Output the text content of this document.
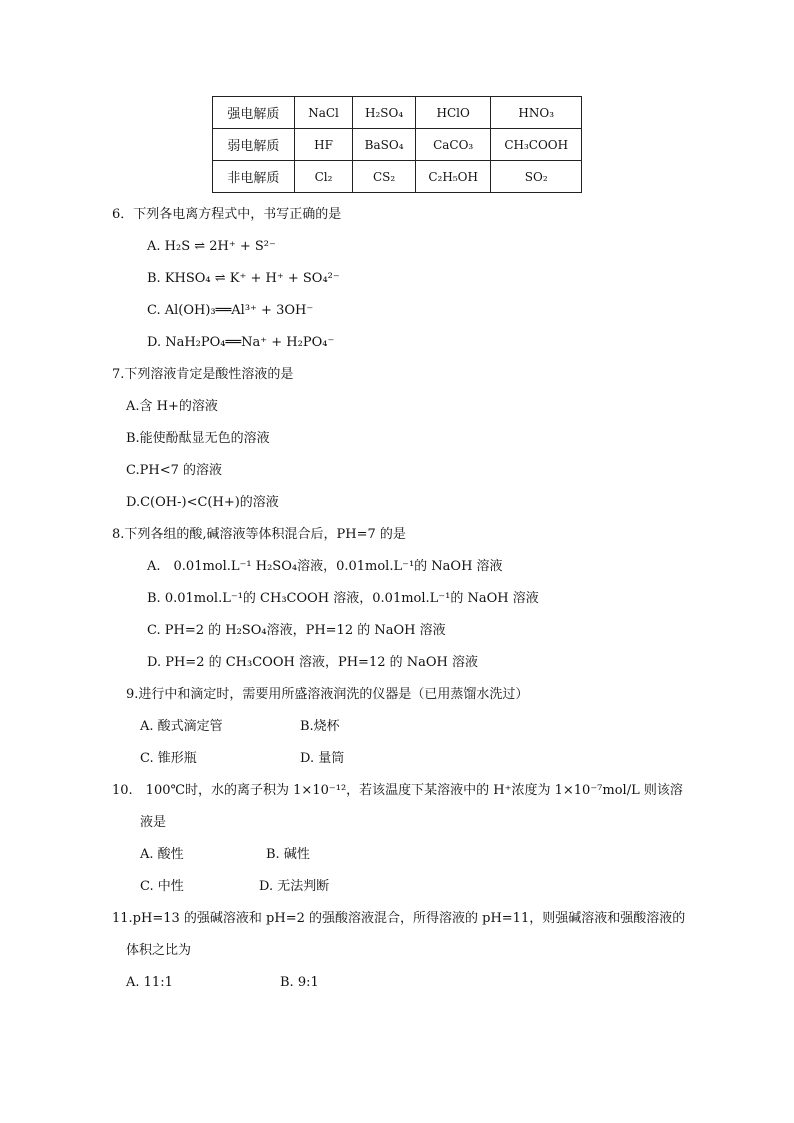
强电解质	NaCl	H₂SO₄	HClO	HNO₃
弱电解质	HF	BaSO₄	CaCO₃	CH₃COOH
非电解质	Cl₂	CS₂	C₂H₅OH	SO₂
6．下列各电离方程式中，书写正确的是
A. H₂S ⇌ 2H⁺ + S²⁻
B. KHSO₄ ⇌ K⁺ + H⁺ + SO₄²⁻
C. Al(OH)₃══Al³⁺ + 3OH⁻
D. NaH₂PO₄══Na⁺ + H₂PO₄⁻
7.下列溶液肯定是酸性溶液的是
A.含 H+的溶液
B.能使酚酞显无色的溶液
C.PH<7 的溶液
D.C(OH-)<C(H+)的溶液
8.下列各组的酸,碱溶液等体积混合后，PH=7 的是
A.　0.01mol.L⁻¹ H₂SO₄溶液，0.01mol.L⁻¹的 NaOH 溶液
B. 0.01mol.L⁻¹的 CH₃COOH 溶液，0.01mol.L⁻¹的 NaOH 溶液
C. PH=2 的 H₂SO₄溶液，PH=12 的 NaOH 溶液
D. PH=2 的 CH₃COOH 溶液，PH=12 的 NaOH 溶液
9.进行中和滴定时，需要用所盛溶液润洗的仪器是（已用蒸馏水洗过）
A. 酸式滴定管	B.烧杯
C. 锥形瓶	D. 量筒
10.　100℃时，水的离子积为 1×10⁻¹²，若该温度下某溶液中的 H⁺浓度为 1×10⁻⁷mol/L 则该溶
液是
A. 酸性	B. 碱性
C. 中性	D. 无法判断
11.pH=13 的强碱溶液和 pH=2 的强酸溶液混合，所得溶液的 pH=11，则强碱溶液和强酸溶液的
体积之比为
A. 11:1	B. 9:1
